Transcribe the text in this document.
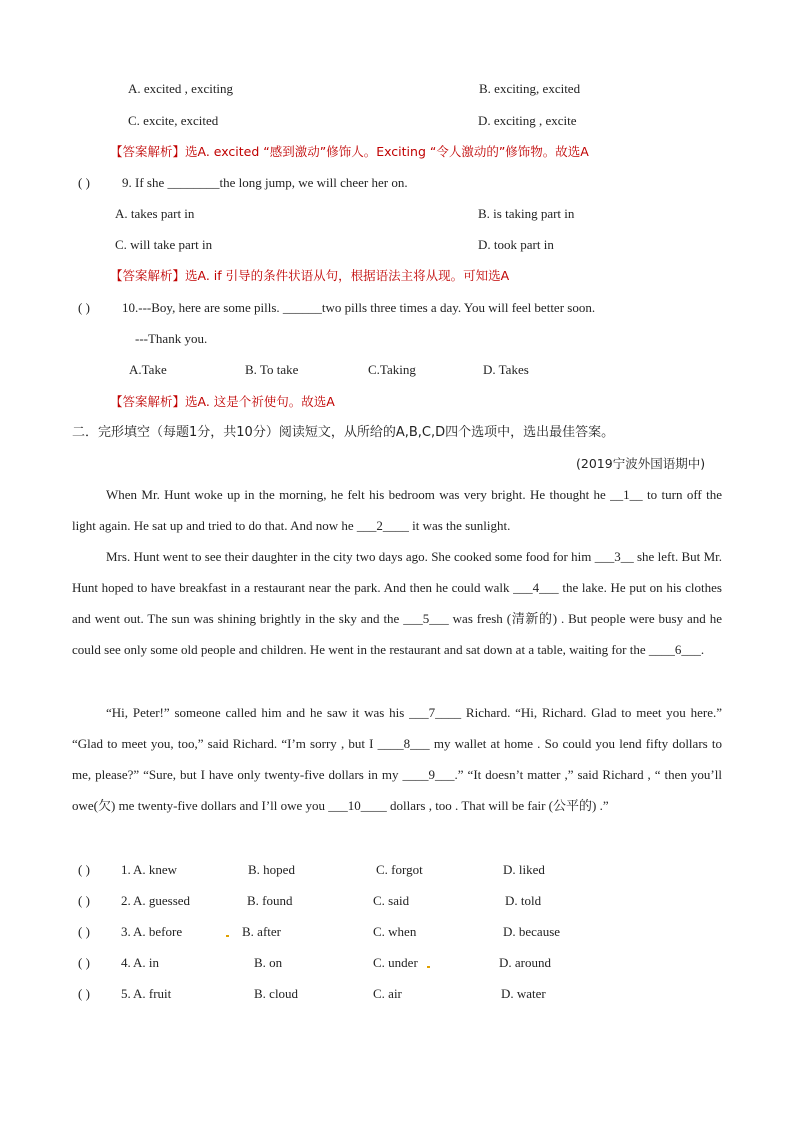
A. excited , exciting	B. exciting, excited
C. excite, excited	D. exciting , excite
【答案解析】选A. excited “感到激动”修饰人。Exciting “令人激动的”修饰物。故选A
( ) 9. If she ________the long jump, we will cheer her on.
A. takes part in	B. is taking part in
C. will take part in	D. took part in
【答案解析】选A. if 引导的条件状语从句，根据语法主将从现。可知选A
( ) 10.---Boy, here are some pills. ______two pills three times a day. You will feel better soon.
---Thank you.
A.Take	B. To take	C.Taking	D. Takes
【答案解析】选A. 这是个祈使句。故选A
二．完形填空（每题1分，共10分）阅读短文，从所给的A,B,C,D四个选项中，选出最佳答案。
(2019宁波外国语期中)
When Mr. Hunt woke up in the morning, he felt his bedroom was very bright. He thought he __1__ to turn off the light again. He sat up and tried to do that. And now he ___2____ it was the sunlight.
Mrs. Hunt went to see their daughter in the city two days ago. She cooked some food for him ___3__ she left. But Mr. Hunt hoped to have breakfast in a restaurant near the park. And then he could walk ___4___ the lake. He put on his clothes and went out. The sun was shining brightly in the sky and the ___5___ was fresh (清新的) . But people were busy and he could see only some old people and children. He went in the restaurant and sat down at a table, waiting for the ____6___.
“Hi, Peter!” someone called him and he saw it was his ___7____ Richard. “Hi, Richard. Glad to meet you here.” “Glad to meet you, too,” said Richard. “I’m sorry , but I ____8___ my wallet at home . So could you lend fifty dollars to me, please?” “Sure, but I have only twenty-five dollars in my ____9___.” “It doesn’t matter ,” said Richard , “ then you’ll owe(欠) me twenty-five dollars and I’ll owe you ___10____ dollars , too . That will be fair (公平的) .”
( ) 1. A. knew	B. hoped	C. forgot	D. liked
( ) 2. A. guessed	B. found	C. said	D. told
( ) 3. A. before	B. after	C. when	D. because
( ) 4. A. in	B. on	C. under	D. around
( ) 5. A. fruit	B. cloud	C. air	D. water
